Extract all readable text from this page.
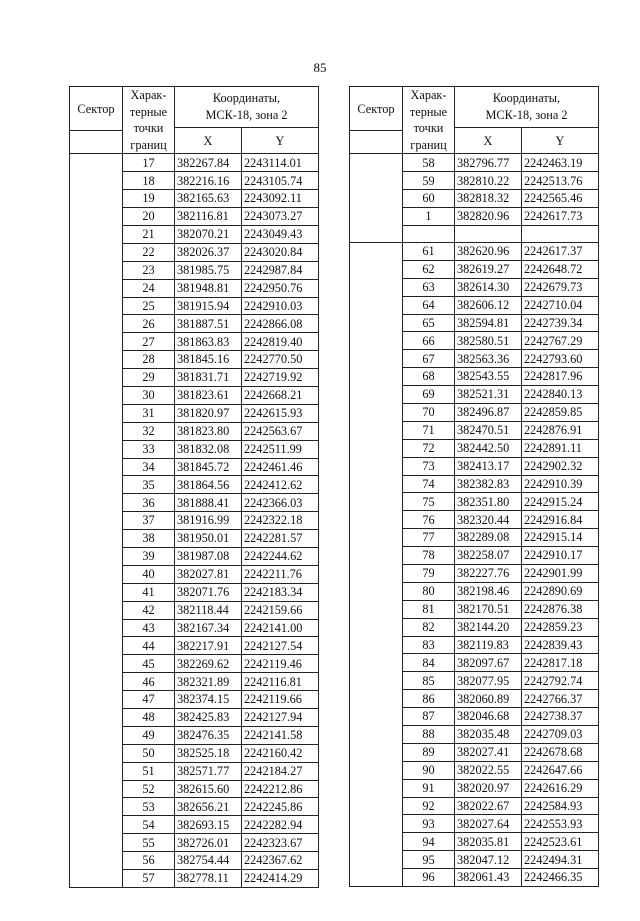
85
Сектор	Харак-
терные
точки
границ	Координаты,
МСК-18, зона 2	

		X	Y

	17	382267.84	2243114.01
	18	382216.16	2243105.74
	19	382165.63	2243092.11
	20	382116.81	2243073.27
	21	382070.21	2243049.43
	22	382026.37	2243020.84
	23	381985.75	2242987.84
	24	381948.81	2242950.76
	25	381915.94	2242910.03
	26	381887.51	2242866.08
	27	381863.83	2242819.40
	28	381845.16	2242770.50
	29	381831.71	2242719.92
	30	381823.61	2242668.21
	31	381820.97	2242615.93
	32	381823.80	2242563.67
	33	381832.08	2242511.99
	34	381845.72	2242461.46
	35	381864.56	2242412.62
	36	381888.41	2242366.03
	37	381916.99	2242322.18
	38	381950.01	2242281.57
	39	381987.08	2242244.62
	40	382027.81	2242211.76
	41	382071.76	2242183.34
	42	382118.44	2242159.66
	43	382167.34	2242141.00
	44	382217.91	2242127.54
	45	382269.62	2242119.46
	46	382321.89	2242116.81
	47	382374.15	2242119.66
	48	382425.83	2242127.94
	49	382476.35	2242141.58
	50	382525.18	2242160.42
	51	382571.77	2242184.27
	52	382615.60	2242212.86
	53	382656.21	2242245.86
	54	382693.15	2242282.94
	55	382726.01	2242323.67
	56	382754.44	2242367.62
	57	382778.11	2242414.29
Сектор	Харак-
терные
точки
границ	Координаты,
МСК-18, зона 2	

		X	Y

	58	382796.77	2242463.19
	59	382810.22	2242513.76
	60	382818.32	2242565.46
	1	382820.96	2242617.73

	61	382620.96	2242617.37
	62	382619.27	2242648.72
	63	382614.30	2242679.73
	64	382606.12	2242710.04
	65	382594.81	2242739.34
	66	382580.51	2242767.29
	67	382563.36	2242793.60
	68	382543.55	2242817.96
	69	382521.31	2242840.13
	70	382496.87	2242859.85
	71	382470.51	2242876.91
	72	382442.50	2242891.11
	73	382413.17	2242902.32
	74	382382.83	2242910.39
	75	382351.80	2242915.24
	76	382320.44	2242916.84
	77	382289.08	2242915.14
	78	382258.07	2242910.17
	79	382227.76	2242901.99
	80	382198.46	2242890.69
	81	382170.51	2242876.38
	82	382144.20	2242859.23
	83	382119.83	2242839.43
	84	382097.67	2242817.18
	85	382077.95	2242792.74
	86	382060.89	2242766.37
	87	382046.68	2242738.37
	88	382035.48	2242709.03
	89	382027.41	2242678.68
	90	382022.55	2242647.66
	91	382020.97	2242616.29
	92	382022.67	2242584.93
	93	382027.64	2242553.93
	94	382035.81	2242523.61
	95	382047.12	2242494.31
	96	382061.43	2242466.35
